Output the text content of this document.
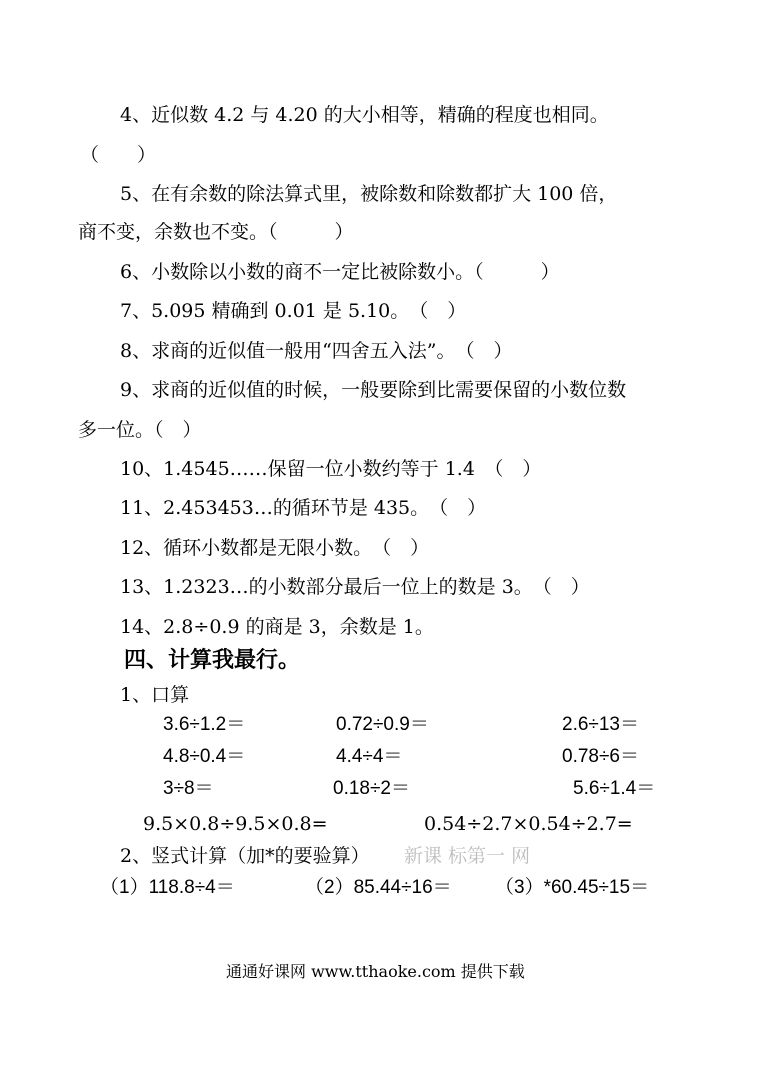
4、近似数 4.2 与 4.20 的大小相等，精确的程度也相同。
（　　）
5、在有余数的除法算式里，被除数和除数都扩大 100 倍，
商不变，余数也不变。（　　　）
6、小数除以小数的商不一定比被除数小。（　　　）
7、5.095 精确到 0.01 是 5.10。　（　）
8、求商的近似值一般用“四舍五入法”。　（　）
9、求商的近似值的时候，一般要除到比需要保留的小数位数
多一位。（　）
10、1.4545……保留一位小数约等于 1.4　（　）
11、2.453453…的循环节是 435。　（　）
12、循环小数都是无限小数。　（　）
13、1.2323…的小数部分最后一位上的数是 3。　（　）
14、2.8÷0.9 的商是 3，余数是 1。
四、计算我最行。
1、口算
3.6÷1.2＝	0.72÷0.9＝	2.6÷13＝
4.8÷0.4＝	4.4÷4＝	0.78÷6＝
3÷8＝	0.18÷2＝	5.6÷1.4＝
9.5×0.8÷9.5×0.8=	0.54÷2.7×0.54÷2.7=
2、竖式计算（加*的要验算） 新课 标第一 网
（1）118.8÷4＝	（2）85.44÷16＝ （3）*60.45÷15＝
通通好课网 www.tthaoke.com 提供下载
